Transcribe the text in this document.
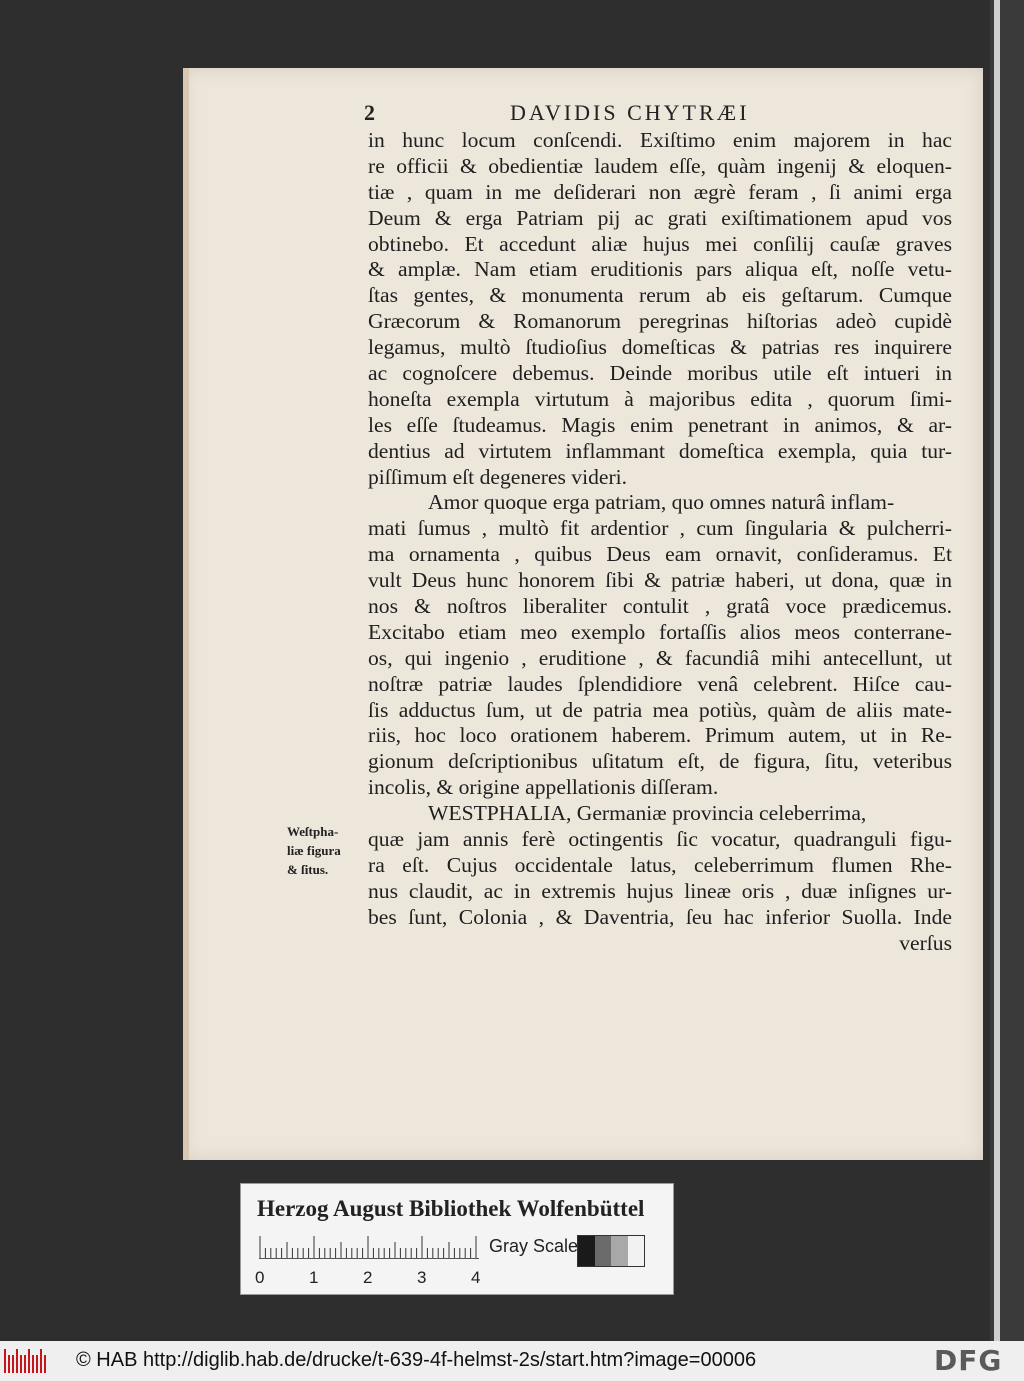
2	DAVIDIS CHYTRÆI
in hunc locum conſcendi. Exiſtimo enim majorem in hac
re officii & obedientiæ laudem eſſe, quàm ingenij & eloquen-
tiæ , quam in me deſiderari non ægrè feram , ſi animi erga
Deum & erga Patriam pij ac grati exiſtimationem apud vos
obtinebo. Et accedunt aliæ hujus mei conſilij cauſæ graves
& amplæ. Nam etiam eruditionis pars aliqua eſt, noſſe vetu-
ſtas gentes, & monumenta rerum ab eis geſtarum. Cumque
Græcorum & Romanorum peregrinas hiſtorias adeò cupidè
legamus, multò ſtudioſius domeſticas & patrias res inquirere
ac cognoſcere debemus. Deinde moribus utile eſt intueri in
honeſta exempla virtutum à majoribus edita , quorum ſimi-
les eſſe ſtudeamus. Magis enim penetrant in animos, & ar-
dentius ad virtutem inflammant domeſtica exempla, quia tur-
piſſimum eſt degeneres videri.
Amor quoque erga patriam, quo omnes naturâ inflam-
mati ſumus , multò fit ardentior , cum ſingularia & pulcherri-
ma ornamenta , quibus Deus eam ornavit, conſideramus. Et
vult Deus hunc honorem ſibi & patriæ haberi, ut dona, quæ in
nos & noſtros liberaliter contulit , gratâ voce prædicemus.
Excitabo etiam meo exemplo fortaſſis alios meos conterrane-
os, qui ingenio , eruditione , & facundiâ mihi antecellunt, ut
noſtræ patriæ laudes ſplendidiore venâ celebrent. Hiſce cau-
ſis adductus ſum, ut de patria mea potiùs, quàm de aliis mate-
riis, hoc loco orationem haberem. Primum autem, ut in Re-
gionum deſcriptionibus uſitatum eſt, de figura, ſitu, veteribus
incolis, & origine appellationis diſſeram.
WESTPHALIA, Germaniæ provincia celeberrima,
quæ jam annis ferè octingentis ſic vocatur, quadranguli figu-
ra eſt. Cujus occidentale latus, celeberrimum flumen Rhe-
nus claudit, ac in extremis hujus lineæ oris , duæ inſignes ur-
bes ſunt, Colonia , & Daventria, ſeu hac inferior Suolla. Inde
verſus
Weſtpha-
liæ figura
& ſitus.
Herzog August Bibliothek Wolfenbüttel
Gray Scale
0	1	2	3	4
© HAB http://diglib.hab.de/drucke/t-639-4f-helmst-2s/start.htm?image=00006	DFG
